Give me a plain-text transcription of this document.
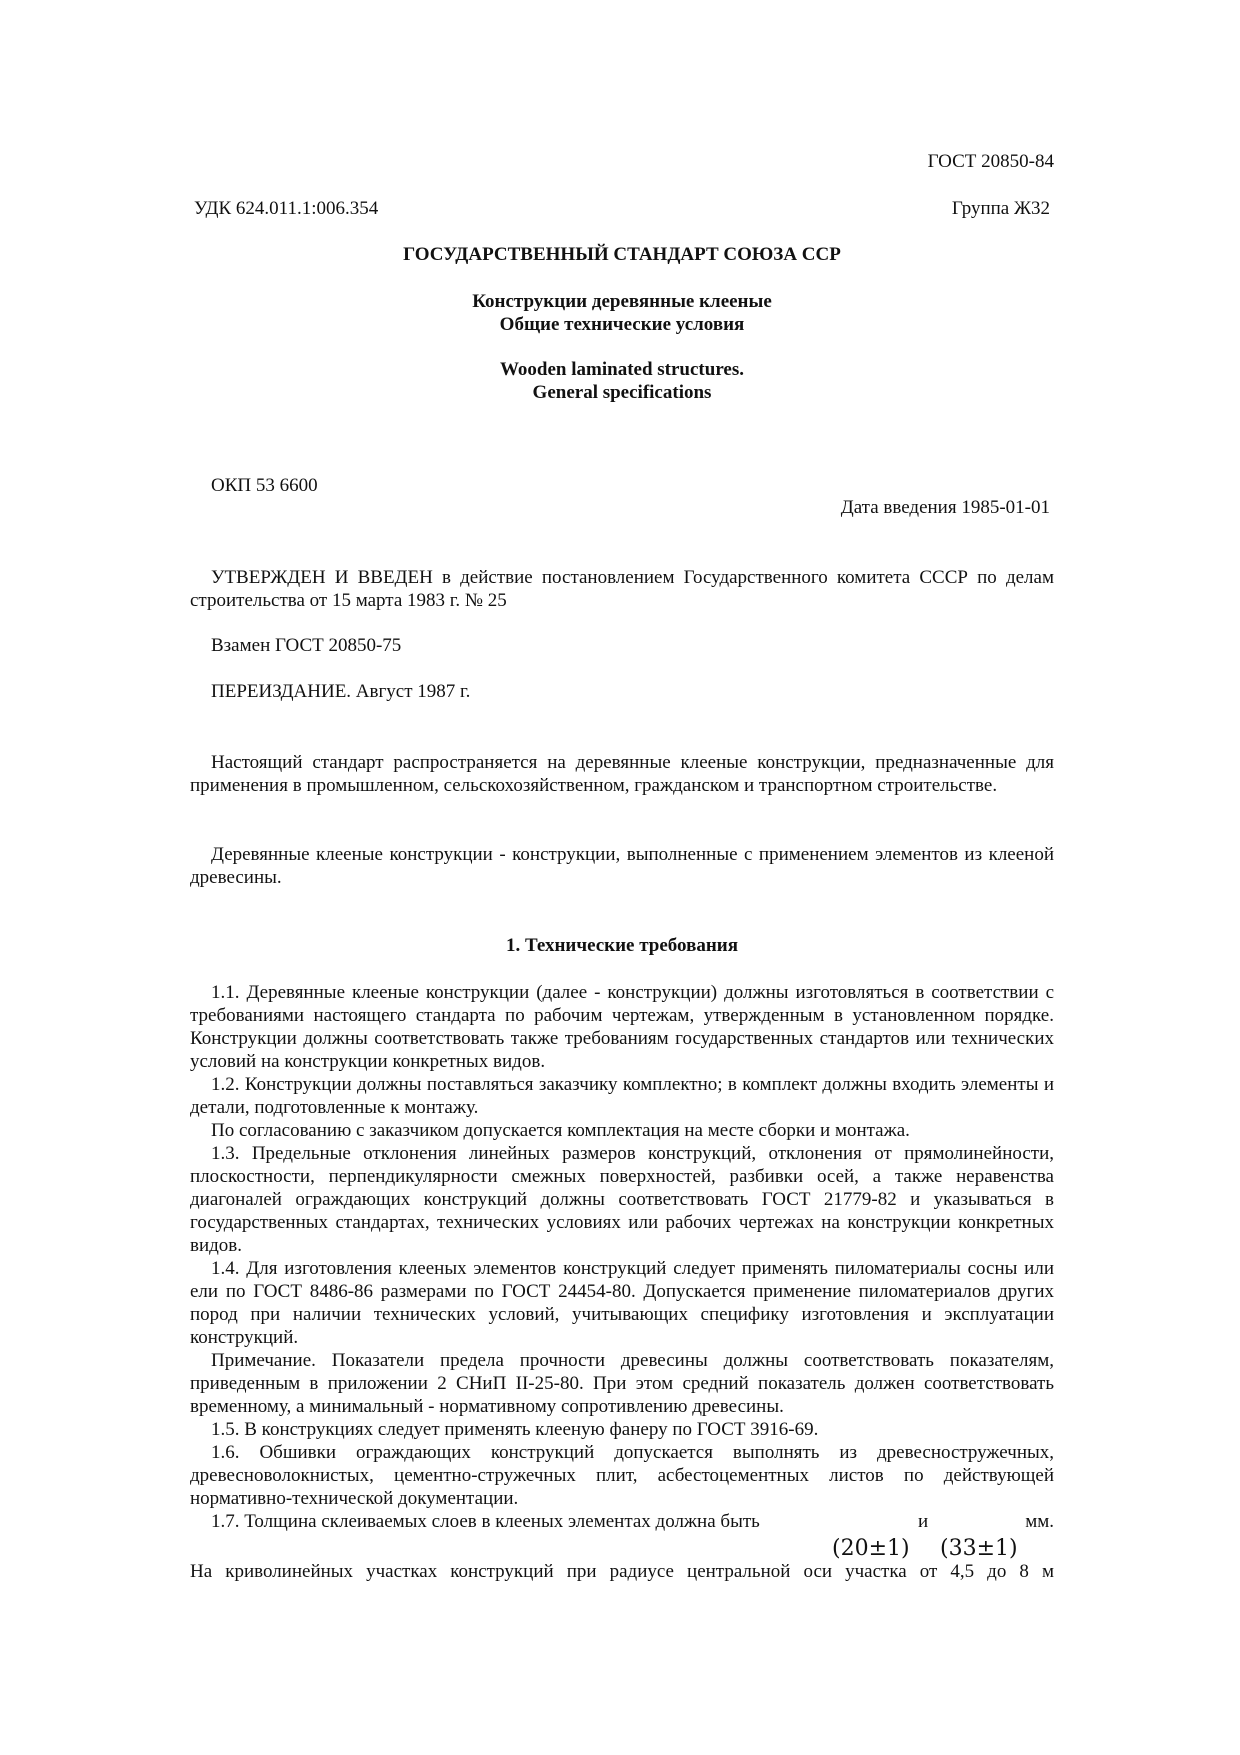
ГОСТ 20850-84
УДК 624.011.1:006.354	Группа Ж32
ГОСУДАРСТВЕННЫЙ СТАНДАРТ СОЮЗА ССР
Конструкции деревянные клееные
Общие технические условия
Wooden laminated structures.
General specifications
ОКП 53 6600
Дата введения 1985-01-01

УТВЕРЖДЕН И ВВЕДЕН в действие постановлением Государственного комитета СССР по делам строительства от 15 марта 1983 г. № 25

Взамен ГОСТ 20850-75
ПЕРЕИЗДАНИЕ. Август 1987 г.

Настоящий стандарт распространяется на деревянные клееные конструкции, предназначенные для применения в промышленном, сельскохозяйственном, гражданском и транспортном строительстве.

Деревянные клееные конструкции - конструкции, выполненные с применением элементов из клееной древесины.

1. Технические требования

1.1. Деревянные клееные конструкции (далее - конструкции) должны изготовляться в соответствии с требованиями настоящего стандарта по рабочим чертежам, утвержденным в установленном порядке. Конструкции должны соответствовать также требованиям государственных стандартов или технических условий на конструкции конкретных видов.

1.2. Конструкции должны поставляться заказчику комплектно; в комплект должны входить элементы и детали, подготовленные к монтажу.

По согласованию с заказчиком допускается комплектация на месте сборки и монтажа.

1.3. Предельные отклонения линейных размеров конструкций, отклонения от прямолинейности, плоскостности, перпендикулярности смежных поверхностей, разбивки осей, а также неравенства диагоналей ограждающих конструкций должны соответствовать ГОСТ 21779-82 и указываться в государственных стандартах, технических условиях или рабочих чертежах на конструкции конкретных видов.

1.4. Для изготовления клееных элементов конструкций следует применять пиломатериалы сосны или ели по ГОСТ 8486-86 размерами по ГОСТ 24454-80. Допускается применение пиломатериалов других пород при наличии технических условий, учитывающих специфику изготовления и эксплуатации конструкций.

Примечание. Показатели предела прочности древесины должны соответствовать показателям, приведенным в приложении 2 СНиП II-25-80. При этом средний показатель должен соответствовать временному, а минимальный - нормативному сопротивлению древесины.

1.5. В конструкциях следует применять клееную фанеру по ГОСТ 3916-69.

1.6. Обшивки ограждающих конструкций допускается выполнять из древесностружечных, древесноволокнистых, цементно-стружечных плит, асбестоцементных листов по действующей нормативно-технической документации.

1.7. Толщина склеиваемых слоев в клееных элементах должна быть	и	мм.
(20±1) (33±1)

На криволинейных участках конструкций при радиусе центральной оси участка от 4,5 до 8 м
